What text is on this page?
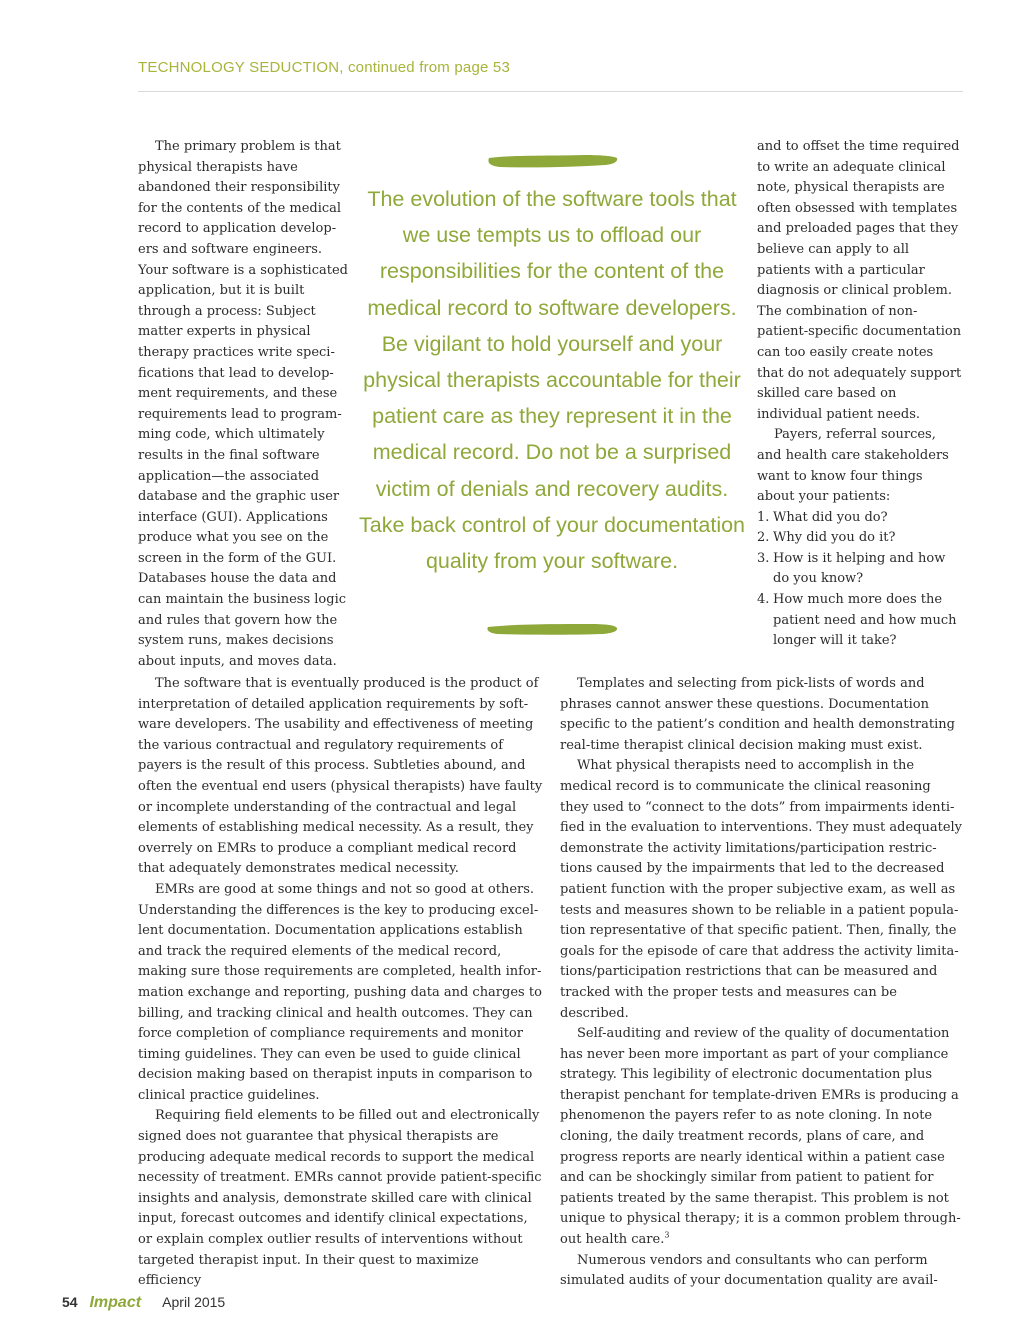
TECHNOLOGY SEDUCTION, continued from page 53

The primary problem is that physical therapists have abandoned their responsibility for the contents of the medical record to application developers and software engineers. Your software is a sophisticated application, but it is built through a process: Subject matter experts in physical therapy practices write specifications that lead to development requirements, and these requirements lead to programming code, which ultimately results in the final software application—the associated database and the graphic user interface (GUI). Applications produce what you see on the screen in the form of the GUI. Databases house the data and can maintain the business logic and rules that govern how the system runs, makes decisions about inputs, and moves data.

The evolution of the software tools that we use tempts us to offload our responsibilities for the content of the medical record to software developers. Be vigilant to hold yourself and your physical therapists accountable for their patient care as they represent it in the medical record. Do not be a surprised victim of denials and recovery audits. Take back control of your documentation quality from your software.

and to offset the time required to write an adequate clinical note, physical therapists are often obsessed with templates and preloaded pages that they believe can apply to all patients with a particular diagnosis or clinical problem. The combination of non-patient-specific documentation can too easily create notes that do not adequately support skilled care based on individual patient needs.

Payers, referral sources, and health care stakeholders want to know four things about your patients:

1. What did you do?
2. Why did you do it?
3. How is it helping and how do you know?
4. How much more does the patient need and how much longer will it take?

The software that is eventually produced is the product of interpretation of detailed application requirements by software developers. The usability and effectiveness of meeting the various contractual and regulatory requirements of payers is the result of this process. Subtleties abound, and often the eventual end users (physical therapists) have faulty or incomplete understanding of the contractual and legal elements of establishing medical necessity. As a result, they overrely on EMRs to produce a compliant medical record that adequately demonstrates medical necessity.

EMRs are good at some things and not so good at others. Understanding the differences is the key to producing excellent documentation. Documentation applications establish and track the required elements of the medical record, making sure those requirements are completed, health information exchange and reporting, pushing data and charges to billing, and tracking clinical and health outcomes. They can force completion of compliance requirements and monitor timing guidelines. They can even be used to guide clinical decision making based on therapist inputs in comparison to clinical practice guidelines.

Requiring field elements to be filled out and electronically signed does not guarantee that physical therapists are producing adequate medical records to support the medical necessity of treatment. EMRs cannot provide patient-specific insights and analysis, demonstrate skilled care with clinical input, forecast outcomes and identify clinical expectations, or explain complex outlier results of interventions without targeted therapist input. In their quest to maximize efficiency

Templates and selecting from pick-lists of words and phrases cannot answer these questions. Documentation specific to the patient’s condition and health demonstrating real-time therapist clinical decision making must exist.

What physical therapists need to accomplish in the medical record is to communicate the clinical reasoning they used to “connect to the dots” from impairments identified in the evaluation to interventions. They must adequately demonstrate the activity limitations/participation restrictions caused by the impairments that led to the decreased patient function with the proper subjective exam, as well as tests and measures shown to be reliable in a patient population representative of that specific patient. Then, finally, the goals for the episode of care that address the activity limitations/participation restrictions that can be measured and tracked with the proper tests and measures can be described.

Self-auditing and review of the quality of documentation has never been more important as part of your compliance strategy. This legibility of electronic documentation plus therapist penchant for template-driven EMRs is producing a phenomenon the payers refer to as note cloning. In note cloning, the daily treatment records, plans of care, and progress reports are nearly identical within a patient case and can be shockingly similar from patient to patient for patients treated by the same therapist. This problem is not unique to physical therapy; it is a common problem throughout health care.$^3$

Numerous vendors and consultants who can perform simulated audits of your documentation quality are avail-

54 Impact April 2015
